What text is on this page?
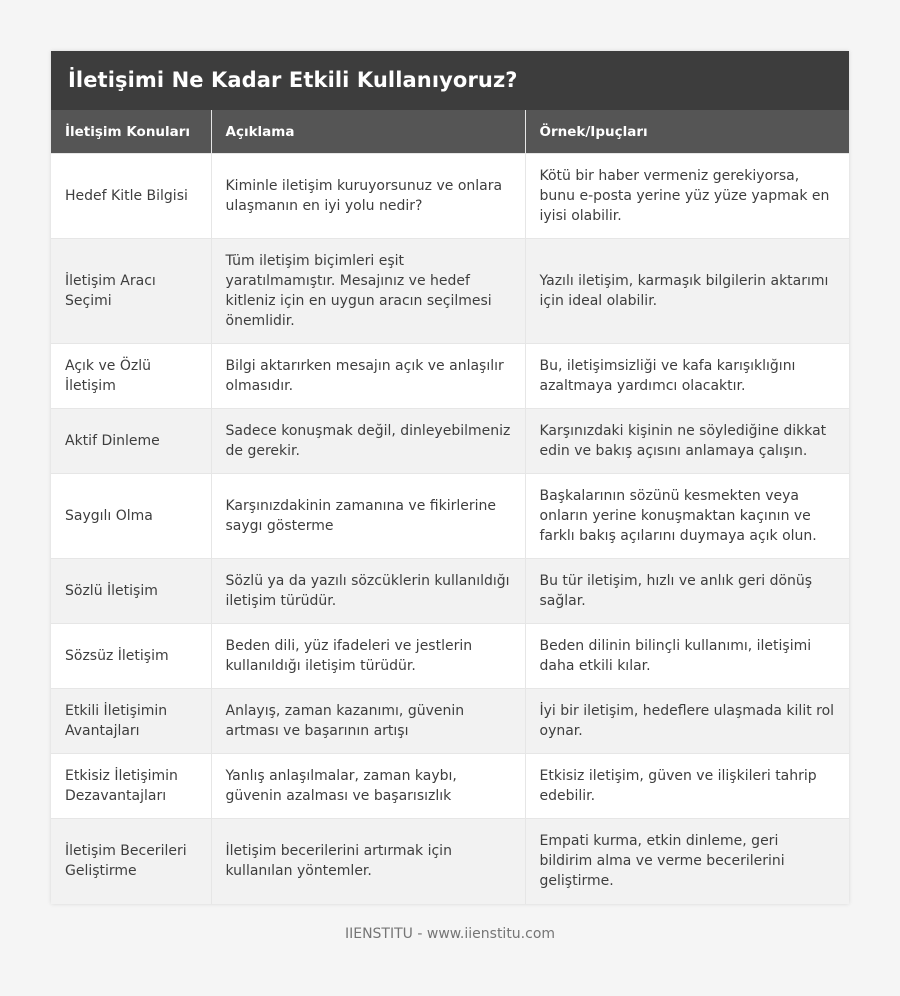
İletişimi Ne Kadar Etkili Kullanıyoruz?
İletişim Konuları	Açıklama	Örnek/Ipuçları
Hedef Kitle Bilgisi	Kiminle iletişim kuruyorsunuz ve onlara ulaşmanın en iyi yolu nedir?	Kötü bir haber vermeniz gerekiyorsa, bunu e-posta yerine yüz yüze yapmak en iyisi olabilir.
İletişim Aracı Seçimi	Tüm iletişim biçimleri eşit yaratılmamıştır. Mesajınız ve hedef kitleniz için en uygun aracın seçilmesi önemlidir.	Yazılı iletişim, karmaşık bilgilerin aktarımı için ideal olabilir.
Açık ve Özlü İletişim	Bilgi aktarırken mesajın açık ve anlaşılır olmasıdır.	Bu, iletişimsizliği ve kafa karışıklığını azaltmaya yardımcı olacaktır.
Aktif Dinleme	Sadece konuşmak değil, dinleyebilmeniz de gerekir.	Karşınızdaki kişinin ne söylediğine dikkat edin ve bakış açısını anlamaya çalışın.
Saygılı Olma	Karşınızdakinin zamanına ve fikirlerine saygı gösterme	Başkalarının sözünü kesmekten veya onların yerine konuşmaktan kaçının ve farklı bakış açılarını duymaya açık olun.
Sözlü İletişim	Sözlü ya da yazılı sözcüklerin kullanıldığı iletişim türüdür.	Bu tür iletişim, hızlı ve anlık geri dönüş sağlar.
Sözsüz İletişim	Beden dili, yüz ifadeleri ve jestlerin kullanıldığı iletişim türüdür.	Beden dilinin bilinçli kullanımı, iletişimi daha etkili kılar.
Etkili İletişimin Avantajları	Anlayış, zaman kazanımı, güvenin artması ve başarının artışı	İyi bir iletişim, hedeflere ulaşmada kilit rol oynar.
Etkisiz İletişimin Dezavantajları	Yanlış anlaşılmalar, zaman kaybı, güvenin azalması ve başarısızlık	Etkisiz iletişim, güven ve ilişkileri tahrip edebilir.
İletişim Becerileri Geliştirme	İletişim becerilerini artırmak için kullanılan yöntemler.	Empati kurma, etkin dinleme, geri bildirim alma ve verme becerilerini geliştirme.
IIENSTITU - www.iienstitu.com
